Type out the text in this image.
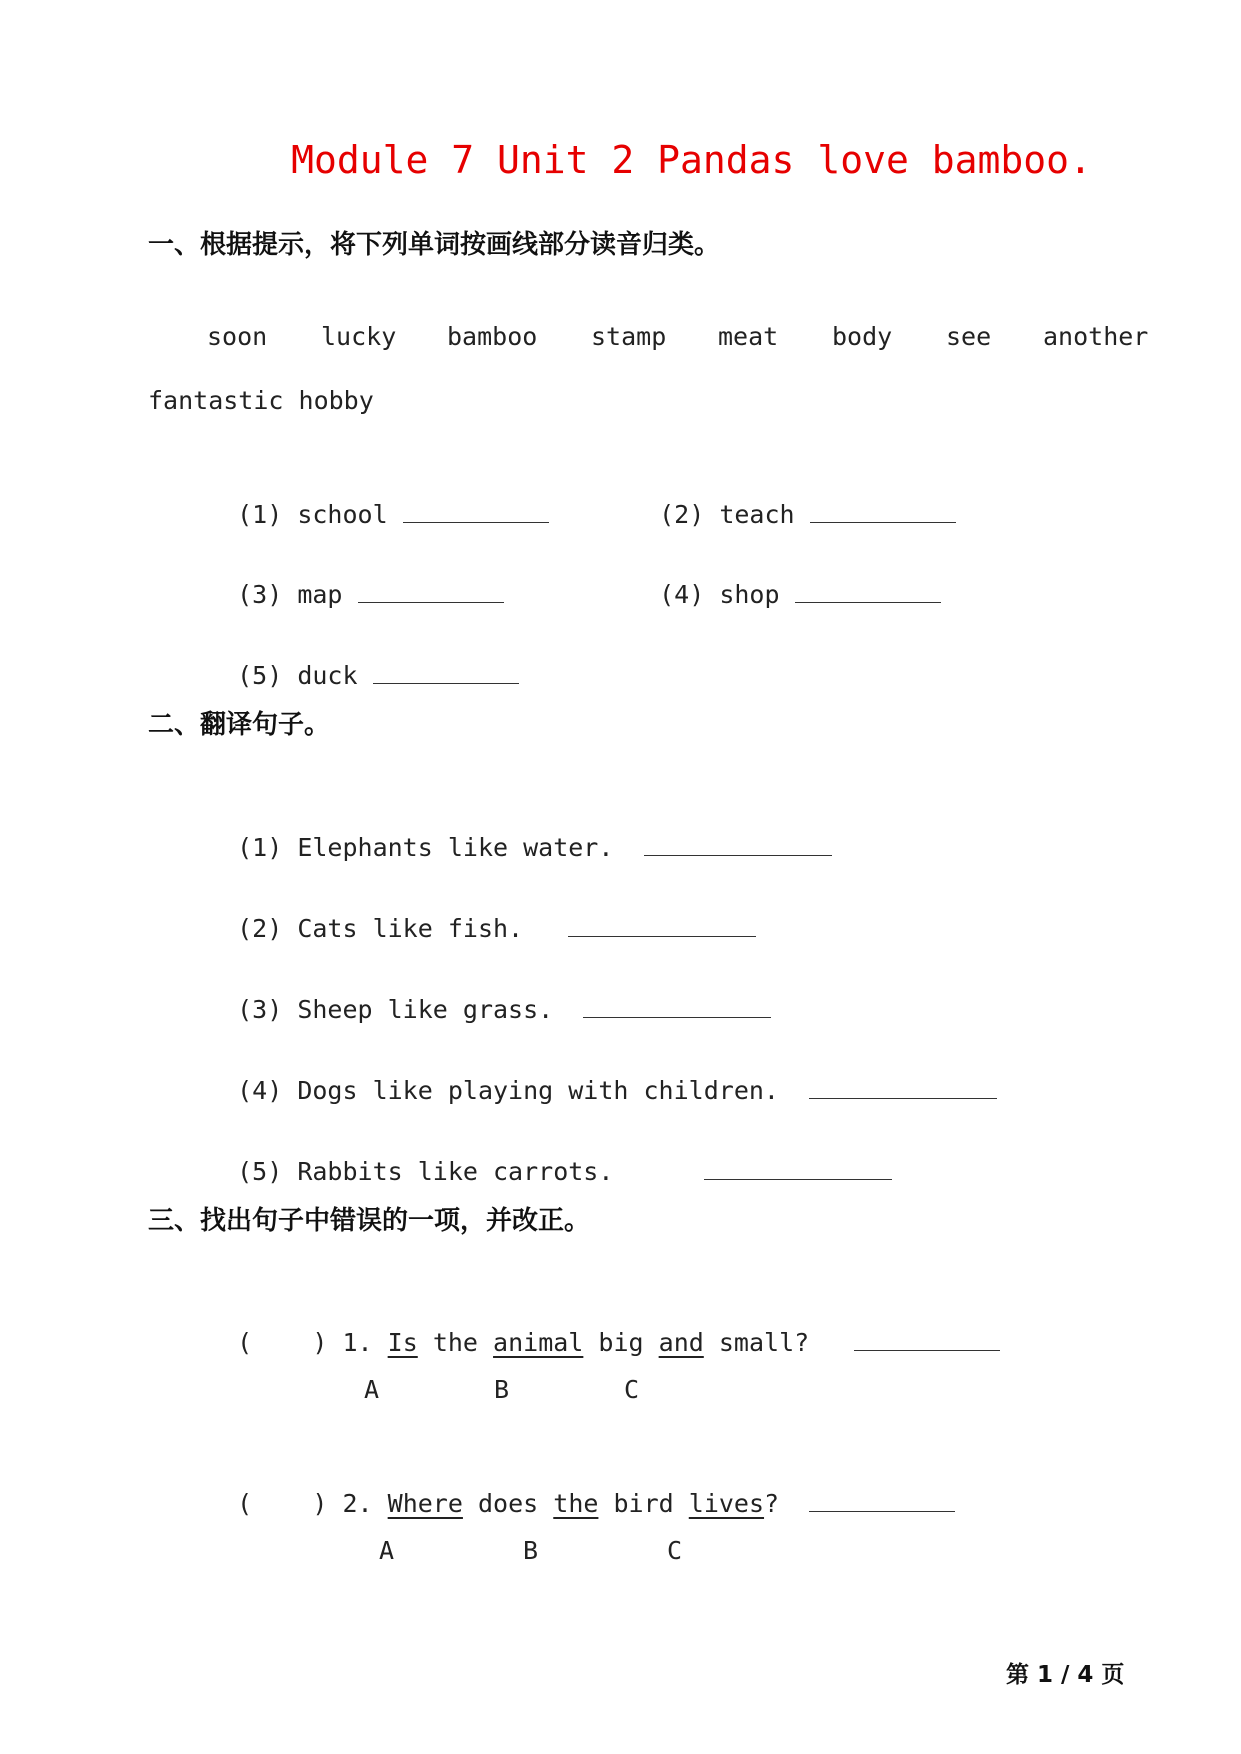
Module 7 Unit 2 Pandas love bamboo.
一、根据提示，将下列单词按画线部分读音归类。
soon lucky bamboo stamp meat body see another
fantastic hobby

(1) school	(2) teach

(3) map	(4) shop

(5) duck

二、翻译句子。

(1) Elephants like water.

(2) Cats like fish.

(3) Sheep like grass.

(4) Dogs like playing with children.

(5) Rabbits like carrots.

三、找出句子中错误的一项，并改正。

(    ) 1. Is the animal big and small?

A	B	C

(    ) 2. Where does the bird lives?

A	B	C
第 1 / 4 页
